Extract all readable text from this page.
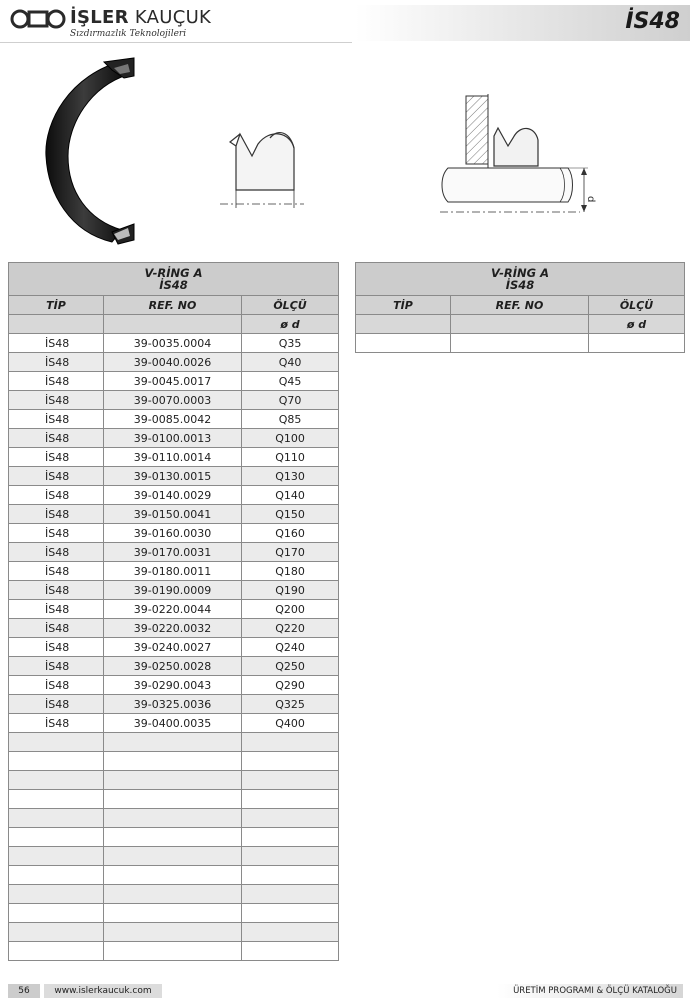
İŞLER KAUÇUK
Sızdırmazlık Teknolojileri	İS48
d
V-RİNG A
İS48		
TİP	REF. NO	ÖLÇÜ
		ø d
İS48	39-0035.0004	Q35
İS48	39-0040.0026	Q40
İS48	39-0045.0017	Q45
İS48	39-0070.0003	Q70
İS48	39-0085.0042	Q85
İS48	39-0100.0013	Q100
İS48	39-0110.0014	Q110
İS48	39-0130.0015	Q130
İS48	39-0140.0029	Q140
İS48	39-0150.0041	Q150
İS48	39-0160.0030	Q160
İS48	39-0170.0031	Q170
İS48	39-0180.0011	Q180
İS48	39-0190.0009	Q190
İS48	39-0220.0044	Q200
İS48	39-0220.0032	Q220
İS48	39-0240.0027	Q240
İS48	39-0250.0028	Q250
İS48	39-0290.0043	Q290
İS48	39-0325.0036	Q325
İS48	39-0400.0035	Q400

V-RİNG A
İS48		
TİP	REF. NO	ÖLÇÜ
		ø d

56	www.islerkaucuk.com	ÜRETİM PROGRAMI & ÖLÇÜ KATALOĞU
